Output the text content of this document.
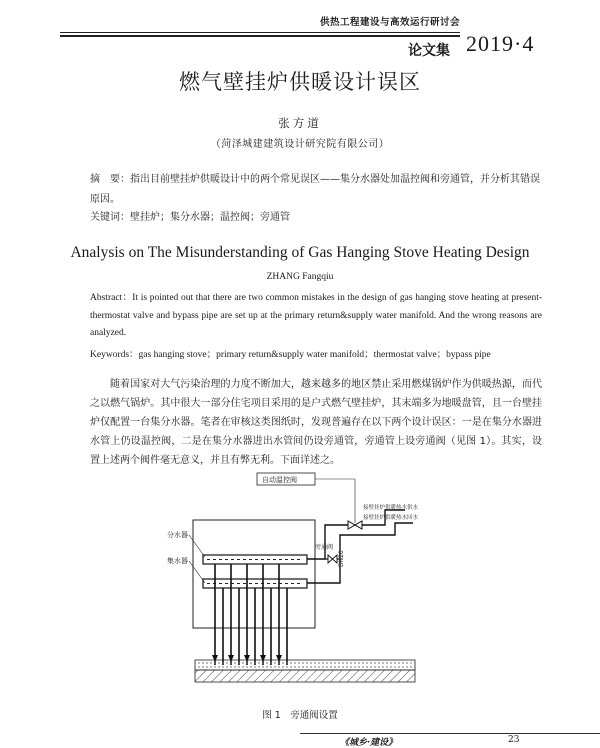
供热工程建设与高效运行研讨会
论文集 2019·4
燃气壁挂炉供暖设计误区
张方道
（菏泽城建建筑设计研究院有限公司）
摘　要：指出目前壁挂炉供暖设计中的两个常见误区——集分水器处加温控阀和旁通管，并分析其错误原因。
关键词：壁挂炉；集分水器；温控阀；旁通管
Analysis on The Misunderstanding of Gas Hanging Stove Heating Design
ZHANG Fangqiu
Abstract：It is pointed out that there are two common mistakes in the design of gas hanging stove heating at present-thermostat valve and bypass pipe are set up at the primary return&supply water manifold. And the wrong reasons are analyzed.
Keywords：gas hanging stove；primary return&supply water manifold；thermostat valve；bypass pipe
随着国家对大气污染治理的力度不断加大，越来越多的地区禁止采用燃煤锅炉作为供暖热源，而代之以燃气锅炉。其中很大一部分住宅项目采用的是户式燃气壁挂炉，其末端多为地暖盘管，且一台壁挂炉仅配置一台集分水器。笔者在审核这类图纸时，发现普遍存在以下两个设计误区：一是在集分水器进水管上仍设温控阀，二是在集分水器进出水管间仍设旁通管，旁通管上设旁通阀（见图 1）。其实，设置上述两个阀件毫无意义，并且有弊无利。下面详述之。
分水器
集水器
自动温控阀
旁通阀
DN20
接壁挂炉供暖热水供水
接壁挂炉供暖热水回水
图 1　旁通阀设置
《城乡·建设》	23
